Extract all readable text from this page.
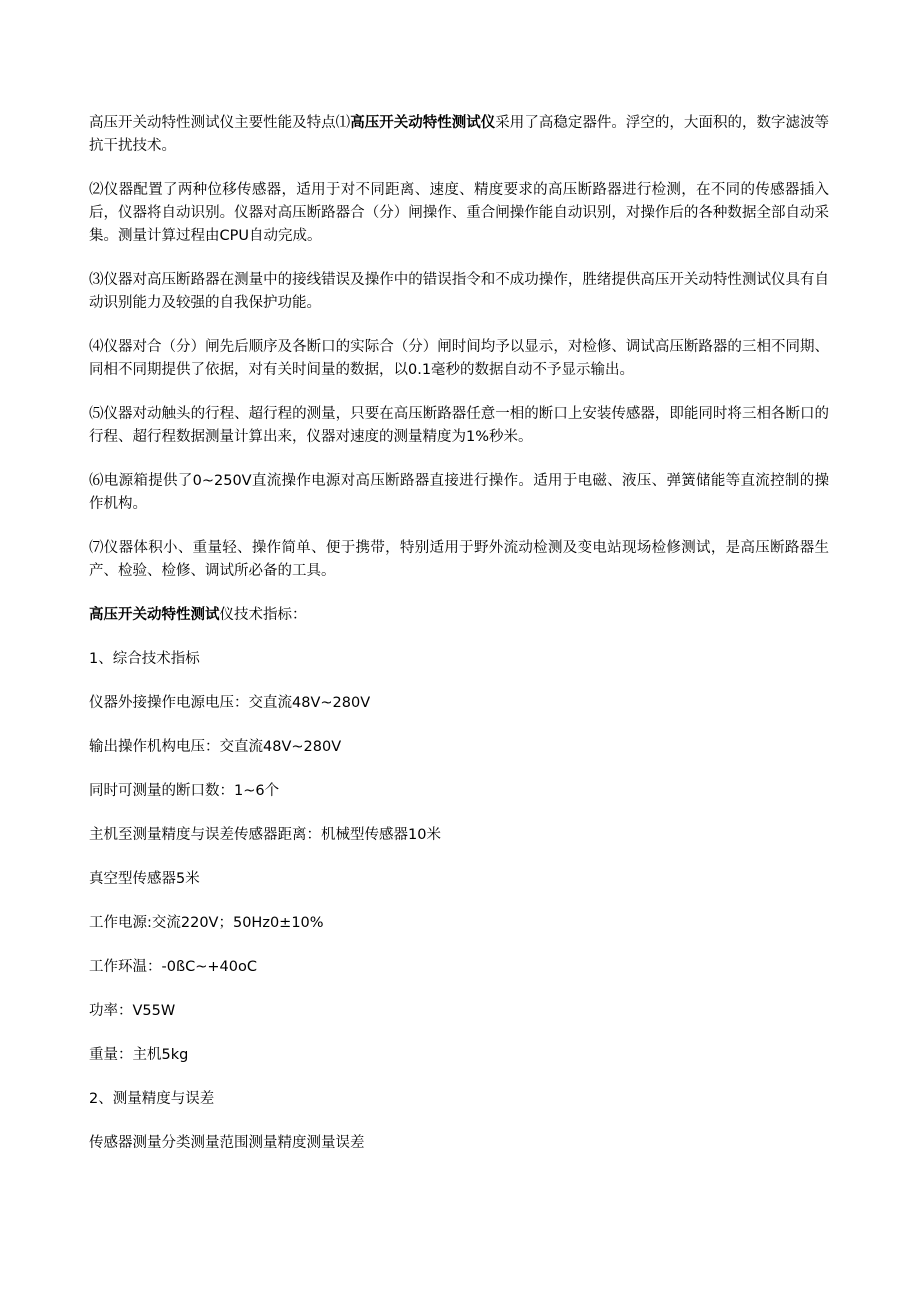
高压开关动特性测试仪主要性能及特点⑴高压开关动特性测试仪采用了高稳定器件。浮空的，大面积的，数字滤波等抗干扰技术。

⑵仪器配置了两种位移传感器，适用于对不同距离、速度、精度要求的高压断路器进行检测，在不同的传感器插入后，仪器将自动识别。仪器对高压断路器合（分）闸操作、重合闸操作能自动识别，对操作后的各种数据全部自动采集。测量计算过程由CPU自动完成。

⑶仪器对高压断路器在测量中的接线错误及操作中的错误指令和不成功操作，胜绪提供高压开关动特性测试仪具有自动识别能力及较强的自我保护功能。

⑷仪器对合（分）闸先后顺序及各断口的实际合（分）闸时间均予以显示，对检修、调试高压断路器的三相不同期、同相不同期提供了依据，对有关时间量的数据，以0.1毫秒的数据自动不予显示输出。

⑸仪器对动触头的行程、超行程的测量，只要在高压断路器任意一相的断口上安装传感器，即能同时将三相各断口的行程、超行程数据测量计算出来，仪器对速度的测量精度为1%秒米。

⑹电源箱提供了0~250V直流操作电源对高压断路器直接进行操作。适用于电磁、液压、弹簧储能等直流控制的操作机构。

⑺仪器体积小、重量轻、操作简单、便于携带，特别适用于野外流动检测及变电站现场检修测试，是高压断路器生产、检验、检修、调试所必备的工具。

高压开关动特性测试仪技术指标：

1、综合技术指标

仪器外接操作电源电压：交直流48V~280V

输出操作机构电压：交直流48V~280V

同时可测量的断口数：1~6个

主机至测量精度与误差传感器距离：机械型传感器10米

真空型传感器5米

工作电源:交流220V；50Hz0±10%

工作环温：-0ßC~+40oC

功率：V55W

重量：主机5kg

2、测量精度与误差

传感器测量分类测量范围测量精度测量误差
